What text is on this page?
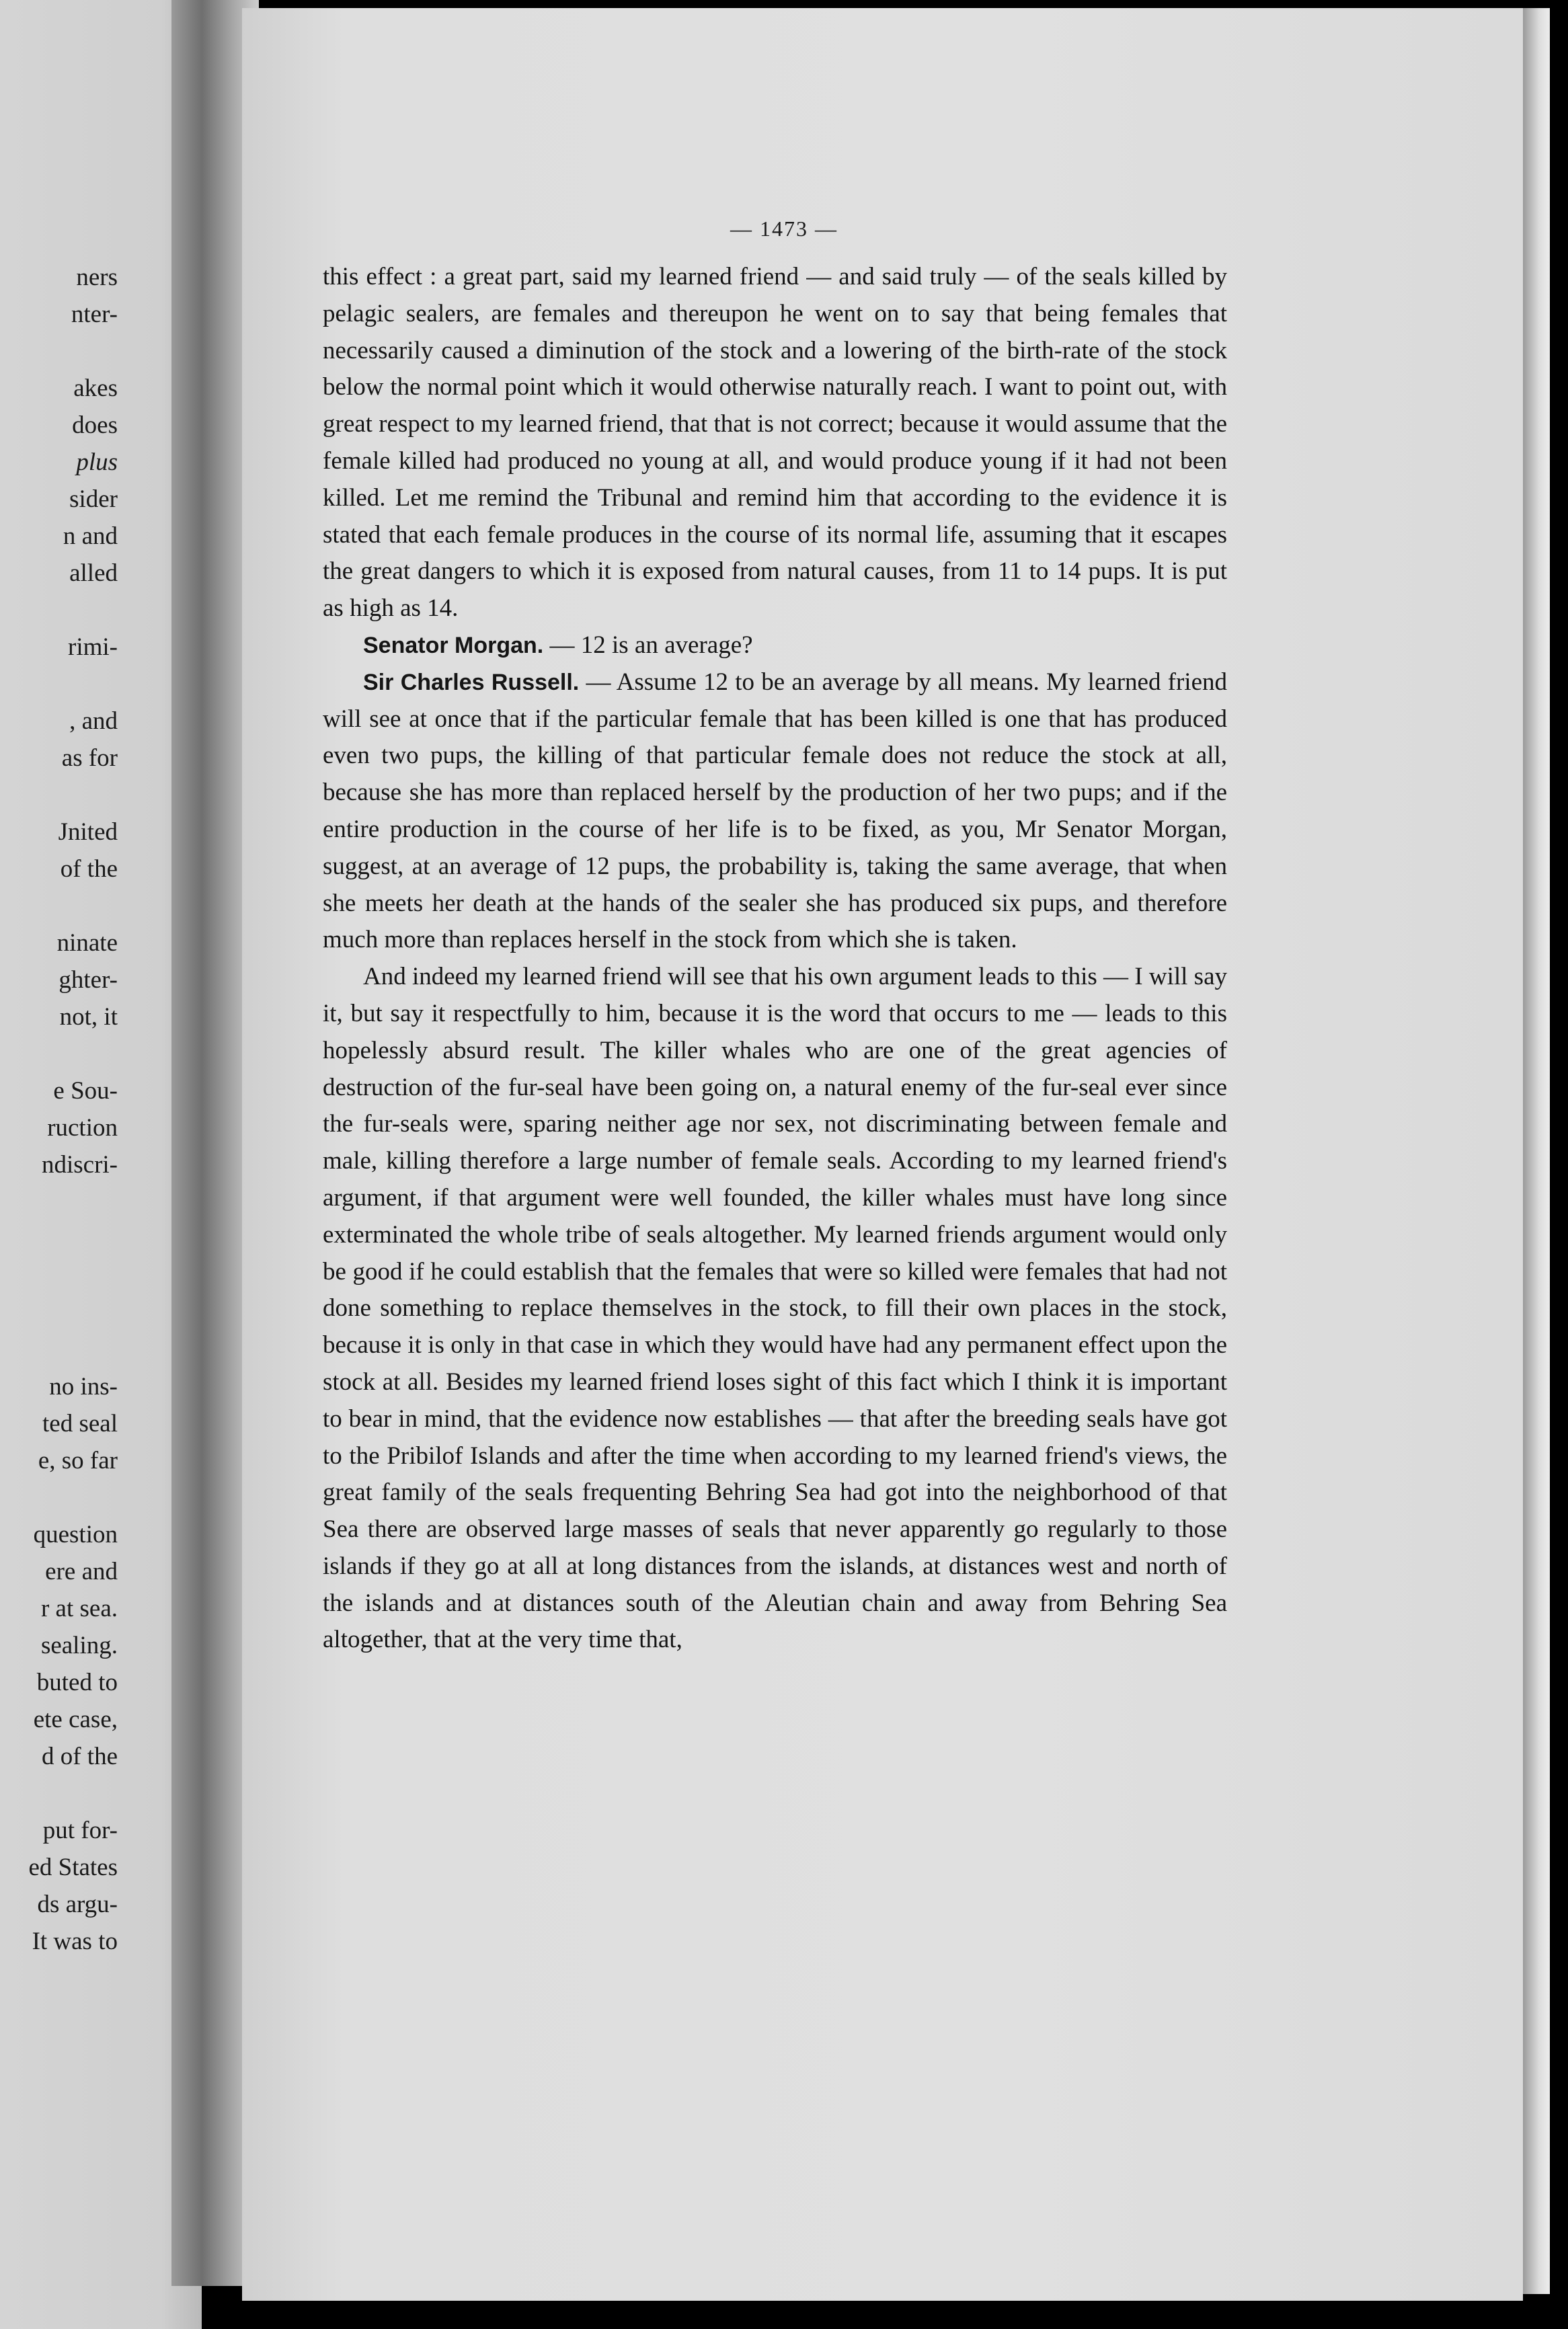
ners
nter-
akes
does
plus
sider
n and
alled
rimi-
, and
as for
Jnited
of the
ninate
ghter-
not, it
e Sou-
ruction
ndiscri-
no ins-
ted seal
e, so far
question
ere and
r at sea.
sealing.
buted to
ete case,
d of the
put for-
ed States
ds argu-
It was to
— 1473 —

this effect : a great part, said my learned friend — and said truly — of the seals killed by pelagic sealers, are females and thereupon he went on to say that being females that necessarily caused a diminution of the stock and a lowering of the birth-rate of the stock below the normal point which it would otherwise naturally reach. I want to point out, with great respect to my learned friend, that that is not correct; because it would assume that the female killed had produced no young at all, and would produce young if it had not been killed. Let me remind the Tribunal and remind him that according to the evidence it is stated that each female produces in the course of its normal life, assuming that it escapes the great dangers to which it is exposed from natural causes, from 11 to 14 pups. It is put as high as 14.

Senator Morgan. — 12 is an average?

Sir Charles Russell. — Assume 12 to be an average by all means. My learned friend will see at once that if the particular female that has been killed is one that has produced even two pups, the killing of that particular female does not reduce the stock at all, because she has more than replaced herself by the production of her two pups; and if the entire production in the course of her life is to be fixed, as you, Mr Senator Morgan, suggest, at an average of 12 pups, the probability is, taking the same average, that when she meets her death at the hands of the sealer she has produced six pups, and therefore much more than replaces herself in the stock from which she is taken.

And indeed my learned friend will see that his own argument leads to this — I will say it, but say it respectfully to him, because it is the word that occurs to me — leads to this hopelessly absurd result. The killer whales who are one of the great agencies of destruction of the fur-seal have been going on, a natural enemy of the fur-seal ever since the fur-seals were, sparing neither age nor sex, not discriminating between female and male, killing therefore a large number of female seals. According to my learned friend's argument, if that argument were well founded, the killer whales must have long since exterminated the whole tribe of seals altogether. My learned friends argument would only be good if he could establish that the females that were so killed were females that had not done something to replace themselves in the stock, to fill their own places in the stock, because it is only in that case in which they would have had any permanent effect upon the stock at all. Besides my learned friend loses sight of this fact which I think it is important to bear in mind, that the evidence now establishes — that after the breeding seals have got to the Pribilof Islands and after the time when according to my learned friend's views, the great family of the seals frequenting Behring Sea had got into the neighborhood of that Sea there are observed large masses of seals that never apparently go regularly to those islands if they go at all at long distances from the islands, at distances west and north of the islands and at distances south of the Aleutian chain and away from Behring Sea altogether, that at the very time that,
